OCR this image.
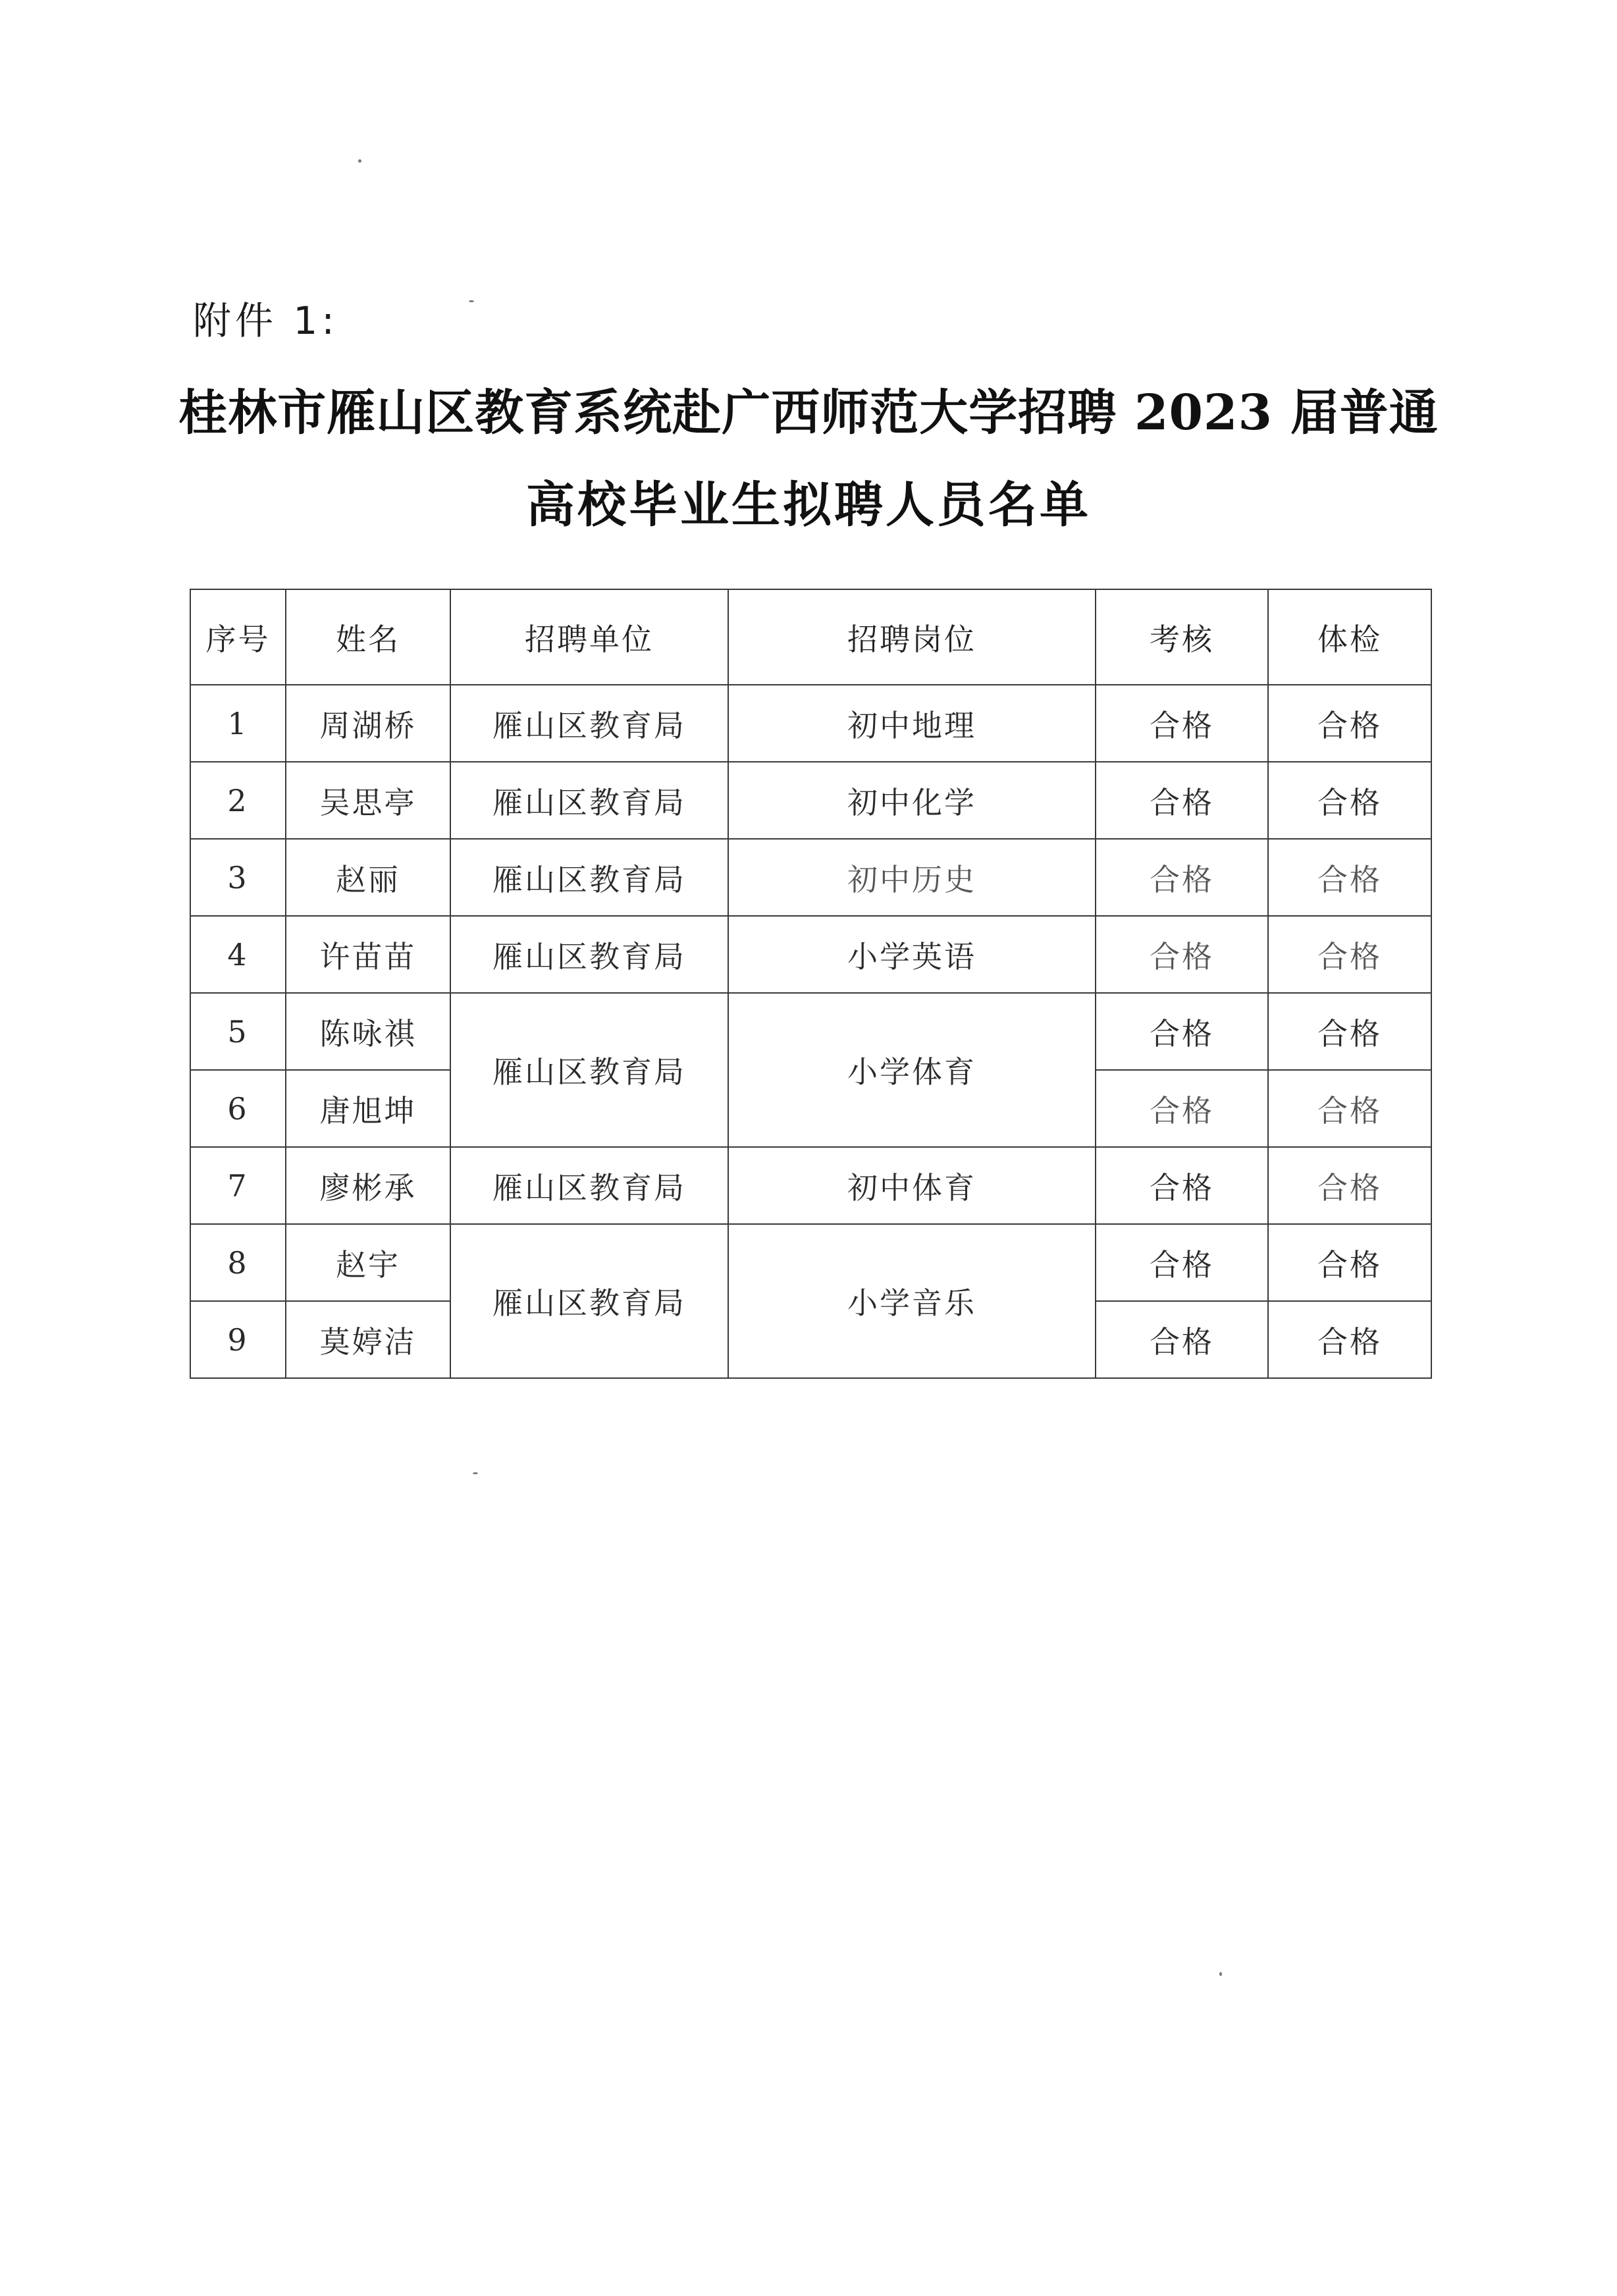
附件 1:
桂林市雁山区教育系统赴广西师范大学招聘 2023 届普通
高校毕业生拟聘人员名单
序号	姓名	招聘单位	招聘岗位	考核	体检
1	周湖桥	雁山区教育局	初中地理	合格	合格
2	吴思亭	雁山区教育局	初中化学	合格	合格
3	赵丽	雁山区教育局	初中历史	合格	合格
4	许苗苗	雁山区教育局	小学英语	合格	合格
5	陈咏祺	雁山区教育局	小学体育	合格	合格
6	唐旭坤			合格	合格
7	廖彬承	雁山区教育局	初中体育	合格	合格
8	赵宇	雁山区教育局	小学音乐	合格	合格
9	莫婷洁			合格	合格
